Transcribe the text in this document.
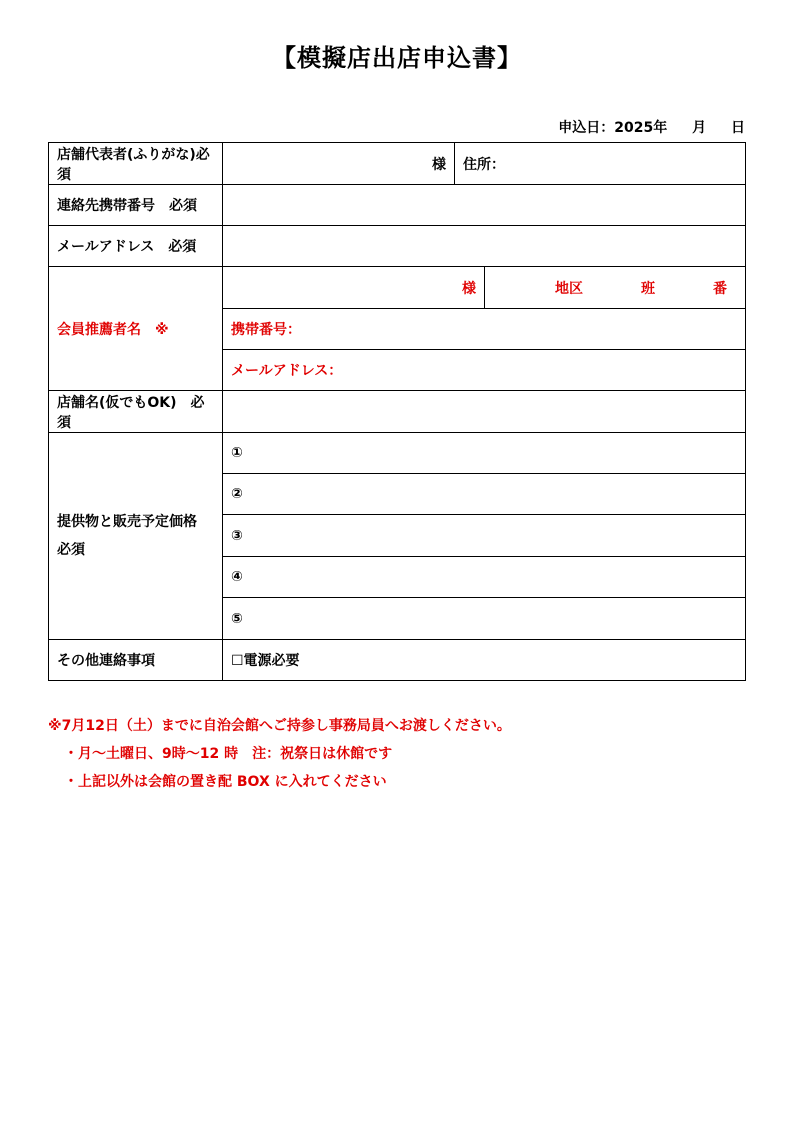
【模擬店出店申込書】
申込日：2025年 月 日
店舗代表者(ふりがな)必須	様 住所：

連絡先携帯番号　必須	
メールアドレス　必須	
会員推薦者名　※	様 地区 班 番

	携帯番号：
	メールアドレス：
店舗名(仮でもOK)　必須	

提供物と販売予定価格
必須	①
	②
	③
	④
	⑤
その他連絡事項	☐電源必要
※7月12日（土）までに自治会館へご持参し事務局員へお渡しください。
・月～土曜日、9時～12 時　注：祝祭日は休館です
・上記以外は会館の置き配 BOX に入れてください
